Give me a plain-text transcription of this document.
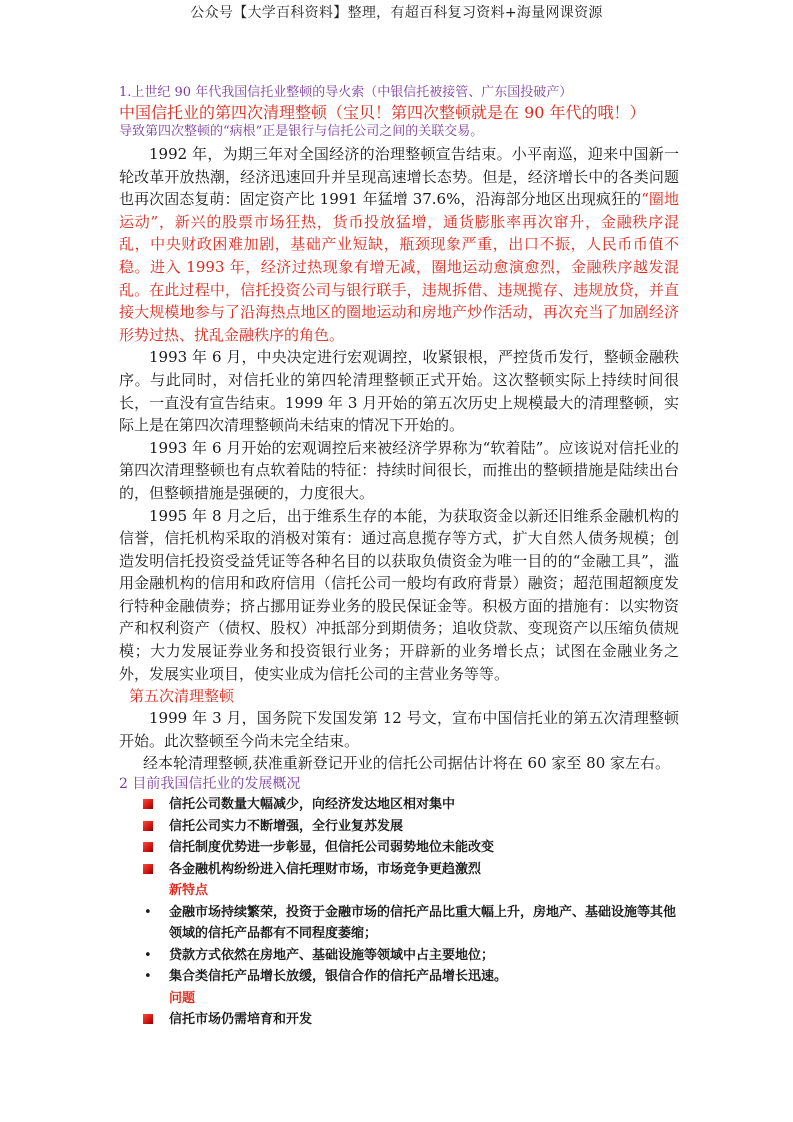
公众号【大学百科资料】整理，有超百科复习资料+海量网课资源
1.上世纪 90 年代我国信托业整顿的导火索（中银信托被接管、广东国投破产）
中国信托业的第四次清理整顿（宝贝！第四次整顿就是在 90 年代的哦！）
导致第四次整顿的“病根”正是银行与信托公司之间的关联交易。

1992 年，为期三年对全国经济的治理整顿宣告结束。小平南巡，迎来中国新一轮改革开放热潮，经济迅速回升并呈现高速增长态势。但是，经济增长中的各类问题也再次固态复萌：固定资产比 1991 年猛增 37.6%，沿海部分地区出现疯狂的“圈地运动”，新兴的股票市场狂热，货币投放猛增，通货膨胀率再次窜升，金融秩序混乱，中央财政困难加剧，基础产业短缺，瓶颈现象严重，出口不振，人民币币值不稳。进入 1993 年，经济过热现象有增无减，圈地运动愈演愈烈，金融秩序越发混乱。在此过程中，信托投资公司与银行联手，违规拆借、违规揽存、违规放贷，并直接大规模地参与了沿海热点地区的圈地运动和房地产炒作活动，再次充当了加剧经济形势过热、扰乱金融秩序的角色。

1993 年 6 月，中央决定进行宏观调控，收紧银根，严控货币发行，整顿金融秩序。与此同时，对信托业的第四轮清理整顿正式开始。这次整顿实际上持续时间很长，一直没有宣告结束。1999 年 3 月开始的第五次历史上规模最大的清理整顿，实际上是在第四次清理整顿尚未结束的情况下开始的。

1993 年 6 月开始的宏观调控后来被经济学界称为“软着陆”。应该说对信托业的第四次清理整顿也有点软着陆的特征：持续时间很长，而推出的整顿措施是陆续出台的，但整顿措施是强硬的，力度很大。

1995 年 8 月之后，出于维系生存的本能，为获取资金以新还旧维系金融机构的信誉，信托机构采取的消极对策有：通过高息揽存等方式，扩大自然人债务规模；创造发明信托投资受益凭证等各种名目的以获取负债资金为唯一目的的“金融工具”，滥用金融机构的信用和政府信用（信托公司一般均有政府背景）融资；超范围超额度发行特种金融债券；挤占挪用证券业务的股民保证金等。积极方面的措施有：以实物资产和权利资产（债权、股权）冲抵部分到期债务；追收贷款、变现资产以压缩负债规模；大力发展证券业务和投资银行业务；开辟新的业务增长点；试图在金融业务之外，发展实业项目，使实业成为信托公司的主营业务等等。

第五次清理整顿

1999 年 3 月，国务院下发国发第 12 号文，宣布中国信托业的第五次清理整顿开始。此次整顿至今尚未完全结束。

经本轮清理整顿,获准重新登记开业的信托公司据估计将在 60 家至 80 家左右。

2 目前我国信托业的发展概况
信托公司数量大幅减少，向经济发达地区相对集中
信托公司实力不断增强，全行业复苏发展
信托制度优势进一步彰显，但信托公司弱势地位未能改变
各金融机构纷纷进入信托理财市场，市场竞争更趋激烈
新特点
• 金融市场持续繁荣，投资于金融市场的信托产品比重大幅上升，房地产、基础设施等其他领域的信托产品都有不同程度萎缩；
• 贷款方式依然在房地产、基础设施等领域中占主要地位；
• 集合类信托产品增长放缓，银信合作的信托产品增长迅速。
问题
信托市场仍需培育和开发
